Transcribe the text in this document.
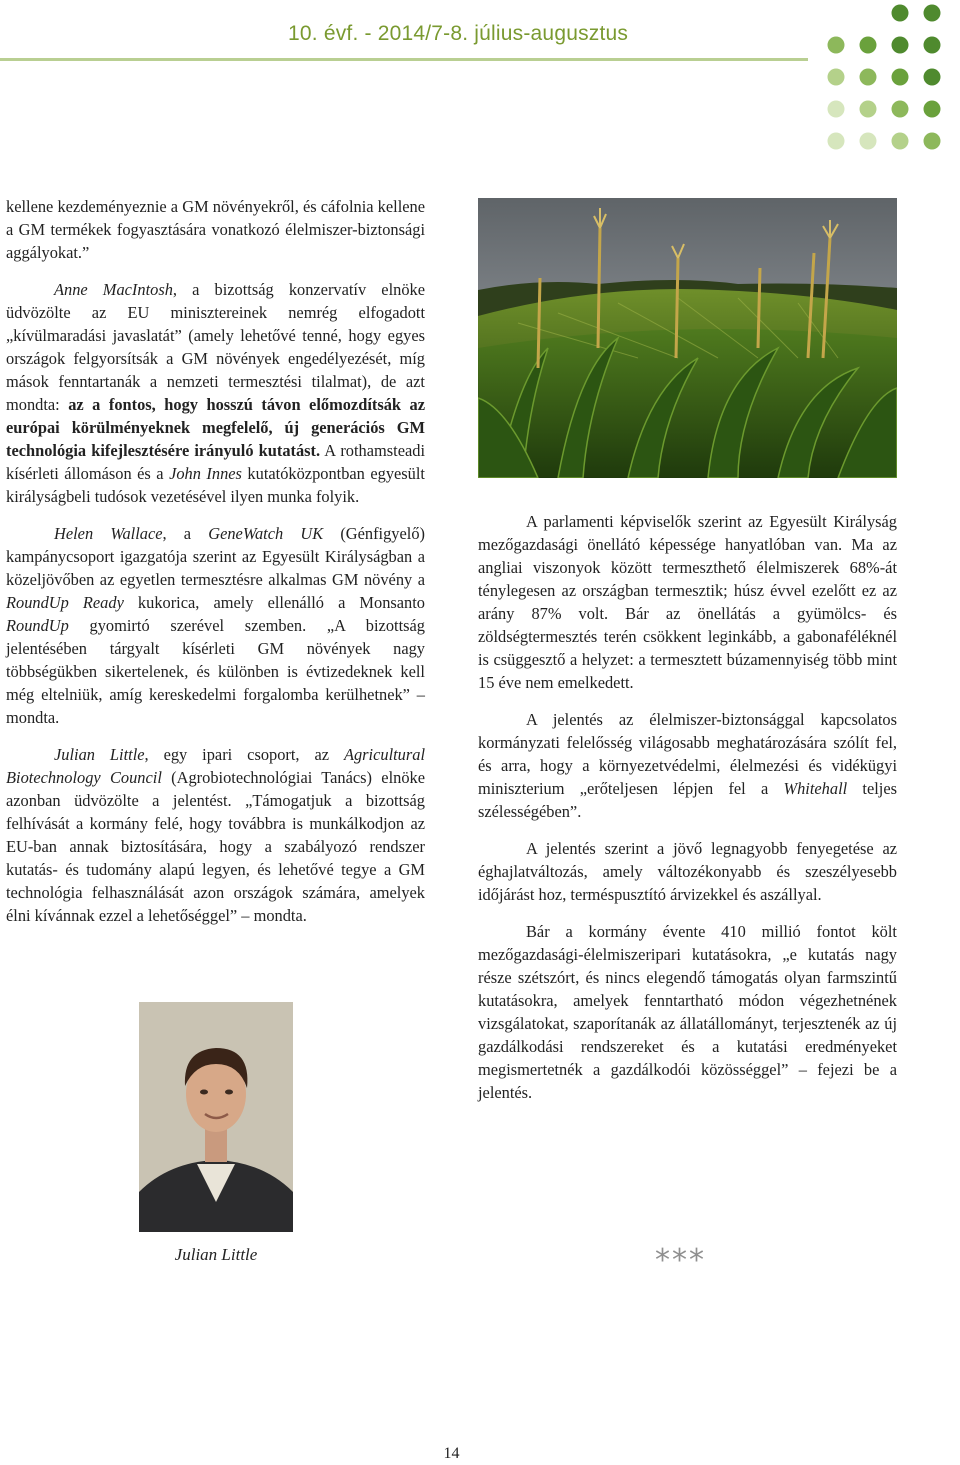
10. évf. - 2014/7-8. július-augusztus

kellene kezdeményeznie a GM növényekről, és cáfolnia kellene a GM termékek fogyasztására vonatkozó élelmiszer-biztonsági aggályokat.”

Anne MacIntosh, a bizottság konzervatív elnöke üdvözölte az EU minisztereinek nemrég elfogadott „kívülmaradási javaslatát” (amely lehetővé tenné, hogy egyes országok felgyorsítsák a GM növények engedélyezését, míg mások fenntartanák a nemzeti termesztési tilalmat), de azt mondta: az a fontos, hogy hosszú távon előmozdítsák az európai körülményeknek megfelelő, új generációs GM technológia kifejlesztésére irányuló kutatást. A rothamsteadi kísérleti állomáson és a John Innes kutatóközpontban egyesült királyságbeli tudósok vezetésével ilyen munka folyik.

Helen Wallace, a GeneWatch UK (Génfigyelő) kampánycsoport igazgatója szerint az Egyesült Királyságban a közeljövőben az egyetlen termesztésre alkalmas GM növény a RoundUp Ready kukorica, amely ellenálló a Monsanto RoundUp gyomirtó szerével szemben. „A bizottság jelentésében tárgyalt kísérleti GM növények nagy többségükben sikertelenek, és különben is évtizedeknek kell még eltelniük, amíg kereskedelmi forgalomba kerülhetnek” – mondta.

Julian Little, egy ipari csoport, az Agricultural Biotechnology Council (Agrobiotechnológiai Tanács) elnöke azonban üdvözölte a jelentést. „Támogatjuk a bizottság felhívását a kormány felé, hogy továbbra is munkálkodjon az EU-ban annak biztosítására, hogy a szabályozó rendszer kutatás- és tudomány alapú legyen, és lehetővé tegye a GM technológia felhasználását azon országok számára, amelyek élni kívánnak ezzel a lehetőséggel” – mondta.

A parlamenti képviselők szerint az Egyesült Királyság mezőgazdasági önellátó képessége hanyatlóban van. Ma az angliai viszonyok között termeszthető élelmiszerek 68%-át ténylegesen az országban termesztik; húsz évvel ezelőtt ez az arány 87% volt. Bár az önellátás a gyümölcs- és zöldségtermesztés terén csökkent leginkább, a gabonaféléknél is csüggesztő a helyzet: a termesztett búzamennyiség több mint 15 éve nem emelkedett.

A jelentés az élelmiszer-biztonsággal kapcsolatos kormányzati felelősség világosabb meghatározására szólít fel, és arra, hogy a környezetvédelmi, élelmezési és vidékügyi miniszterium „erőteljesen lépjen fel a Whitehall teljes szélességében”.

A jelentés szerint a jövő legnagyobb fenyegetése az éghajlatváltozás, amely változékonyabb és szeszélyesebb időjárást hoz, terméspusztító árvizekkel és aszállyal.

Bár a kormány évente 410 millió fontot költ mezőgazdasági-élelmiszeripari kutatásokra, „e kutatás nagy része szétszórt, és nincs elegendő támogatás olyan farmszintű kutatásokra, amelyek fenntartható módon végezhetnének vizsgálatokat, szaporítanák az állatállományt, terjesztenék az új gazdálkodási rendszereket és a kutatási eredményeket megismertetnék a gazdálkodói közösséggel” – fejezi be a jelentés.

Julian Little	***
14
